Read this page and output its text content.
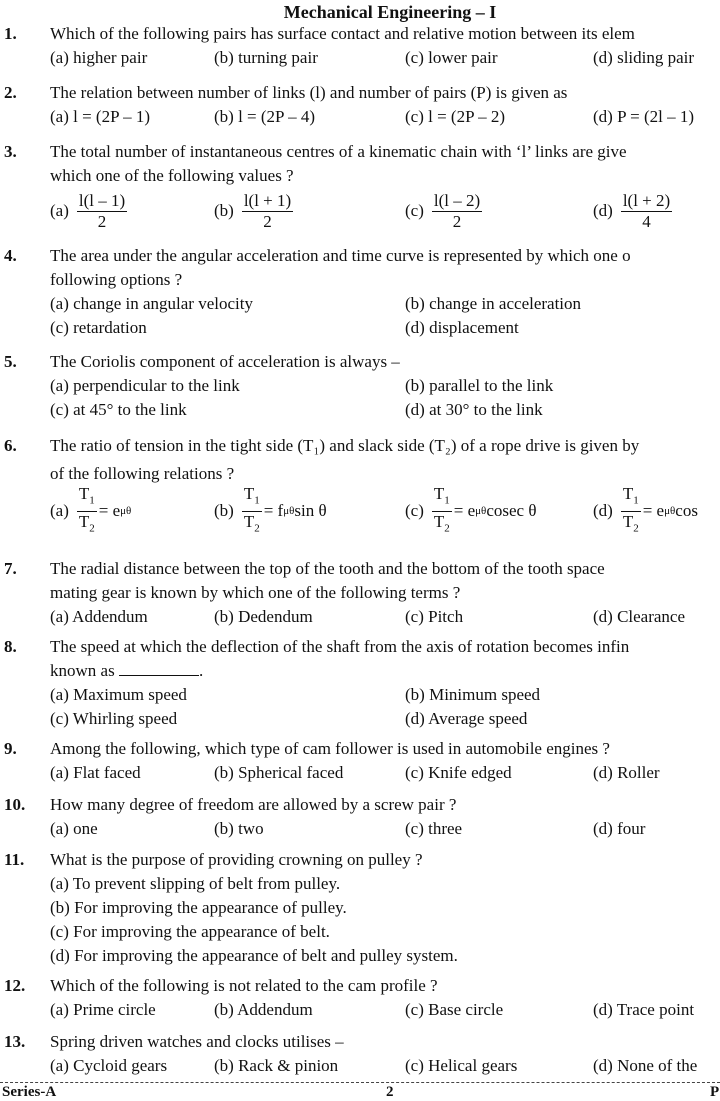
Mechanical Engineering – I
1. Which of the following pairs has surface contact and relative motion between its elem
(a) higher pair	(b) turning pair	(c) lower pair	(d) sliding pair
2. The relation between number of links (l) and number of pairs (P) is given as
(a) l = (2P – 1)	(b) l = (2P – 4)	(c) l = (2P – 2)	(d) P = (2l – 1)
3. The total number of instantaneous centres of a kinematic chain with ‘l’ links are give
which one of the following values ?
$(a) \frac{l(l - 1)}{2}$	$(b) \frac{l(l + 1)}{2}$	$(c) \frac{l(l - 2)}{2}$	$(d) \frac{l(l + 2)}{4}$
4. The area under the angular acceleration and time curve is represented by which one o
following options ?
(a) change in angular velocity	(b) change in acceleration
(c) retardation	(d) displacement
5. The Coriolis component of acceleration is always –
(a) perpendicular to the link	(b) parallel to the link
(c) at 45° to the link	(d) at 30° to the link
6. The ratio of tension in the tight side (T₁) and slack side (T₂) of a rope drive is given by
of the following relations ?
$(a) \frac{T_1}{T_2} = e$ μθ	$(b) \frac{T_1}{T_2} = f$ μθ sin θ	$(c) \frac{T_1}{T_2} = e$ μθ cosec θ	$(d) \frac{T_1}{T_2} = e$ μθ cos
7. The radial distance between the top of the tooth and the bottom of the tooth space
mating gear is known by which one of the following terms ?
(a) Addendum	(b) Dedendum	(c) Pitch	(d) Clearance
8. The speed at which the deflection of the shaft from the axis of rotation becomes infin
known as	.
(a) Maximum speed	(b) Minimum speed
(c) Whirling speed	(d) Average speed
9. Among the following, which type of cam follower is used in automobile engines ?
(a) Flat faced	(b) Spherical faced	(c) Knife edged	(d) Roller
10. How many degree of freedom are allowed by a screw pair ?
(a) one	(b) two	(c) three	(d) four
11. What is the purpose of providing crowning on pulley ?
(a) To prevent slipping of belt from pulley.
(b) For improving the appearance of pulley.
(c) For improving the appearance of belt.
(d) For improving the appearance of belt and pulley system.
12. Which of the following is not related to the cam profile ?
(a) Prime circle	(b) Addendum	(c) Base circle	(d) Trace point
13. Spring driven watches and clocks utilises –
(a) Cycloid gears	(b) Rack & pinion	(c) Helical gears	(d) None of the
Series-A	2	P
